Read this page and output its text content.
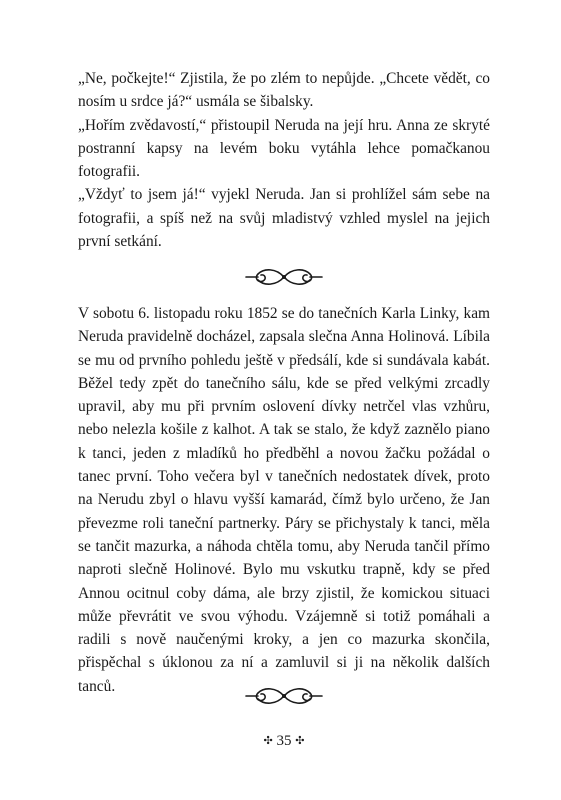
„Ne, počkejte!“ Zjistila, že po zlém to nepůjde. „Chcete vědět, co nosím u srdce já?“ usmála se šibalsky.

„Hořím zvědavostí,“ přistoupil Neruda na její hru. Anna ze skryté postranní kapsy na levém boku vytáhla lehce pomačkanou fotografii.

„Vždyť to jsem já!“ vyjekl Neruda. Jan si prohlížel sám sebe na fotografii, a spíš než na svůj mladistvý vzhled myslel na jejich první setkání.

V sobotu 6. listopadu roku 1852 se do tanečních Karla Linky, kam Neruda pravidelně docházel, zapsala slečna Anna Holinová. Líbila se mu od prvního pohledu ještě v předsálí, kde si sundávala kabát. Běžel tedy zpět do tanečního sálu, kde se před velkými zrcadly upravil, aby mu při prvním oslovení dívky netrčel vlas vzhůru, nebo nelezla košile z kalhot. A tak se stalo, že když zaznělo piano k tanci, jeden z mladíků ho předběhl a novou žačku požádal o tanec první. Toho večera byl v tanečních nedostatek dívek, proto na Nerudu zbyl o hlavu vyšší kamarád, čímž bylo určeno, že Jan převezme roli taneční partnerky. Páry se přichystaly k tanci, měla se tančit mazurka, a náhoda chtěla tomu, aby Neruda tančil přímo naproti slečně Holinové. Bylo mu vskutku trapně, kdy se před Annou ocitnul coby dáma, ale brzy zjistil, že komickou situaci může převrátit ve svou výhodu. Vzájemně si totiž pomáhali a radili s nově naučenými kroky, a jen co mazurka skončila, přispěchal s úklonou za ní a zamluvil si ji na několik dalších tanců.

✣ 35 ✣
